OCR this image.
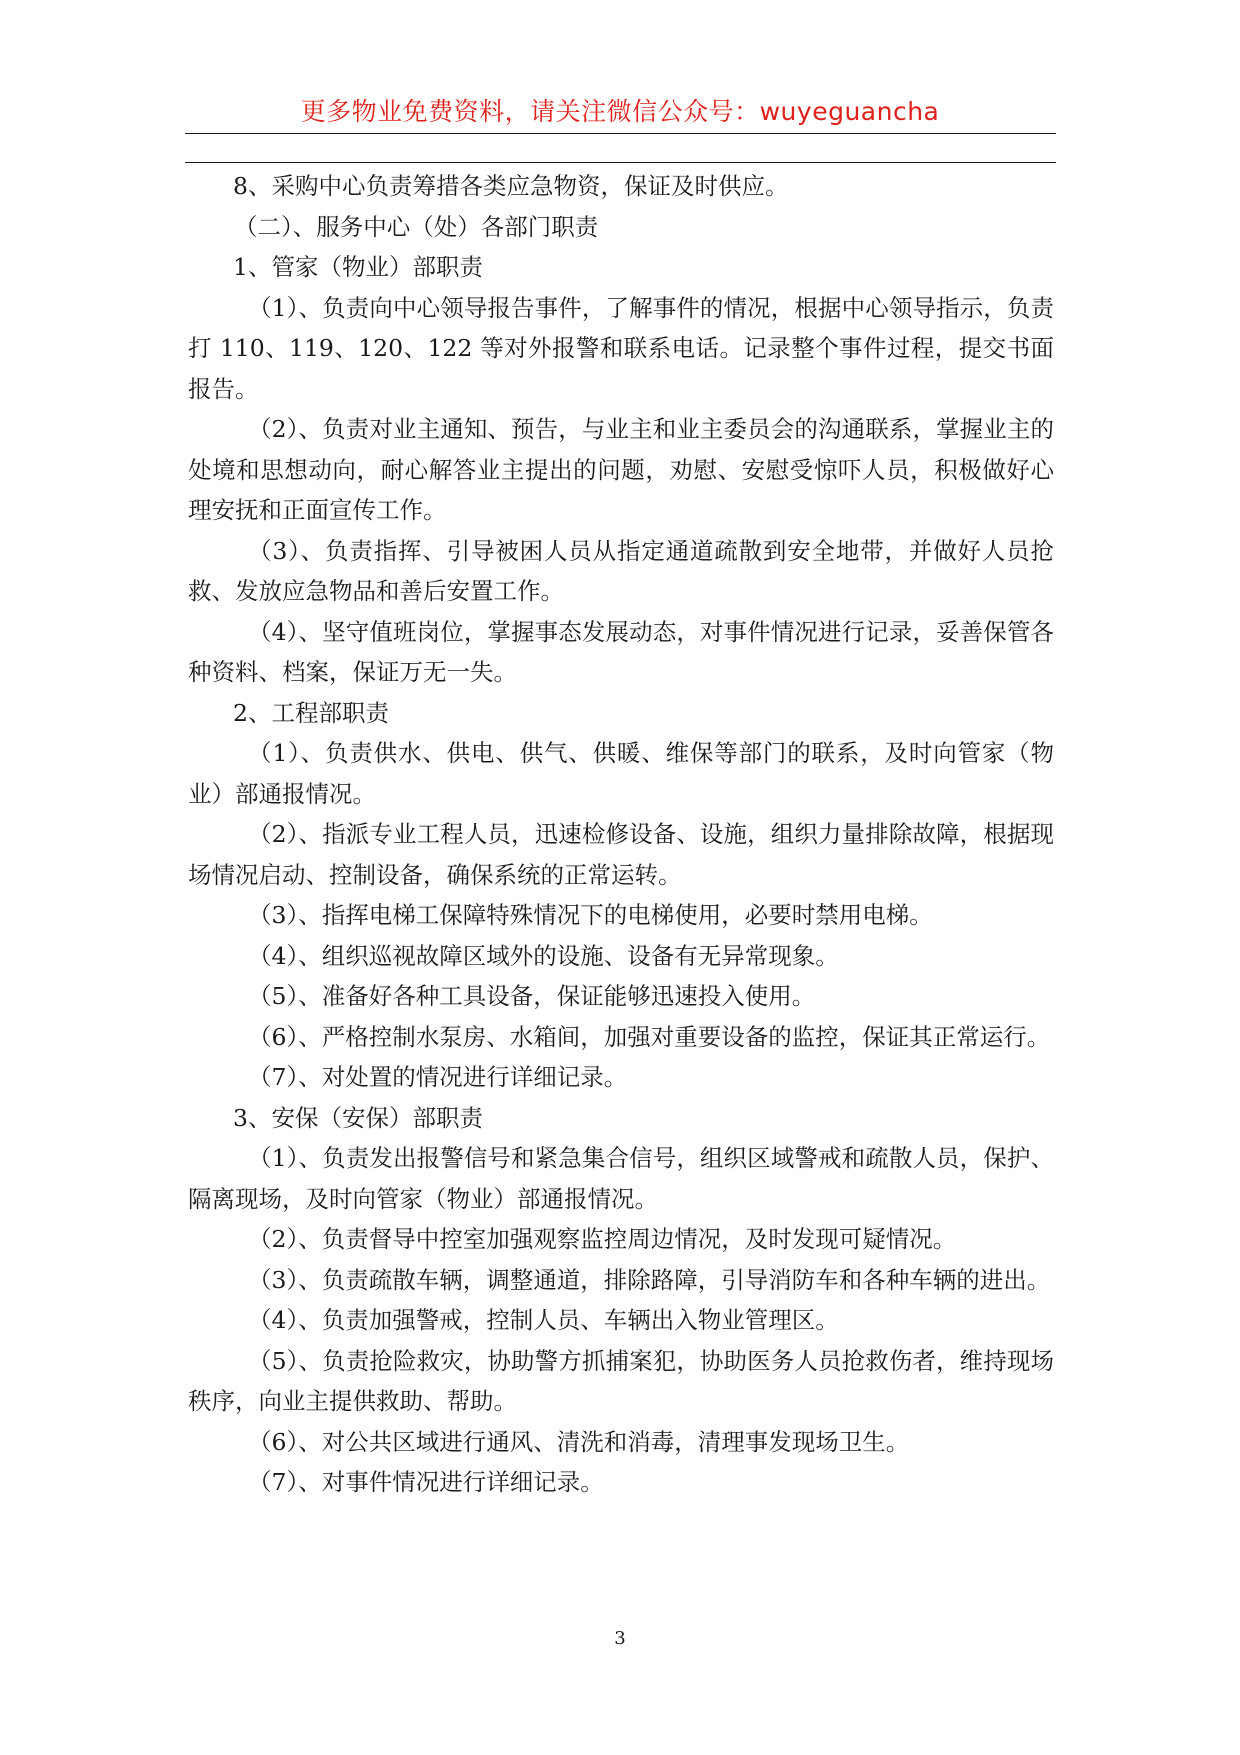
更多物业免费资料，请关注微信公众号：wuyeguancha

8、采购中心负责筹措各类应急物资，保证及时供应。

（二）、服务中心（处）各部门职责

1、管家（物业）部职责

（1）、负责向中心领导报告事件，了解事件的情况，根据中心领导指示，负责打 110、119、120、122 等对外报警和联系电话。记录整个事件过程，提交书面报告。

（2）、负责对业主通知、预告，与业主和业主委员会的沟通联系，掌握业主的处境和思想动向，耐心解答业主提出的问题，劝慰、安慰受惊吓人员，积极做好心理安抚和正面宣传工作。

（3）、负责指挥、引导被困人员从指定通道疏散到安全地带，并做好人员抢救、发放应急物品和善后安置工作。

（4）、坚守值班岗位，掌握事态发展动态，对事件情况进行记录，妥善保管各种资料、档案，保证万无一失。

2、工程部职责

（1）、负责供水、供电、供气、供暖、维保等部门的联系，及时向管家（物业）部通报情况。

（2）、指派专业工程人员，迅速检修设备、设施，组织力量排除故障，根据现场情况启动、控制设备，确保系统的正常运转。

（3）、指挥电梯工保障特殊情况下的电梯使用，必要时禁用电梯。

（4）、组织巡视故障区域外的设施、设备有无异常现象。

（5）、准备好各种工具设备，保证能够迅速投入使用。

（6）、严格控制水泵房、水箱间，加强对重要设备的监控，保证其正常运行。

（7）、对处置的情况进行详细记录。

3、安保（安保）部职责

（1）、负责发出报警信号和紧急集合信号，组织区域警戒和疏散人员，保护、隔离现场，及时向管家（物业）部通报情况。

（2）、负责督导中控室加强观察监控周边情况，及时发现可疑情况。

（3）、负责疏散车辆，调整通道，排除路障，引导消防车和各种车辆的进出。

（4）、负责加强警戒，控制人员、车辆出入物业管理区。

（5）、负责抢险救灾，协助警方抓捕案犯，协助医务人员抢救伤者，维持现场秩序，向业主提供救助、帮助。

（6）、对公共区域进行通风、清洗和消毒，清理事发现场卫生。

（7）、对事件情况进行详细记录。

3
